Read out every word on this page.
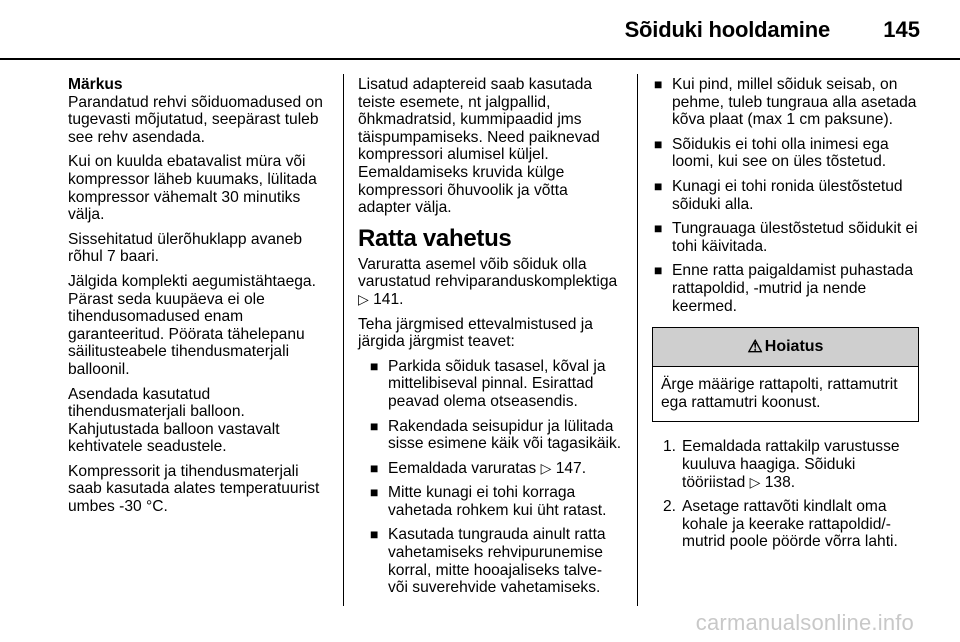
Sõiduki hooldamine 145

Märkus

Parandatud rehvi sõiduomadused on tugevasti mõjutatud, seepärast tuleb see rehv asendada.

Kui on kuulda ebatavalist müra või kompressor läheb kuumaks, lülitada kompressor vähemalt 30 minutiks välja.

Sissehitatud ülerõhuklapp avaneb rõhul 7 baari.

Jälgida komplekti aegumistähtaega. Pärast seda kuupäeva ei ole tihendusomadused enam garanteeritud. Pöörata tähelepanu säilitusteabele tihendusmaterjali balloonil.

Asendada kasutatud tihendusmaterjali balloon. Kahjutustada balloon vastavalt kehtivatele seadustele.

Kompressorit ja tihendusmaterjali saab kasutada alates temperatuurist umbes -30 °C.

Lisatud adaptereid saab kasutada teiste esemete, nt jalgpallid, õhkmadratsid, kummipaadid jms täispumpamiseks. Need paiknevad kompressori alumisel küljel. Eemaldamiseks kruvida külge kompressori õhuvoolik ja võtta adapter välja.

Ratta vahetus

Varuratta asemel võib sõiduk olla varustatud rehviparanduskomplektiga ▷ 141.

Teha järgmised ettevalmistused ja järgida järgmist teavet:

■ Parkida sõiduk tasasel, kõval ja mittelibiseval pinnal. Esirattad peavad olema otseasendis.
■ Rakendada seisupidur ja lülitada sisse esimene käik või tagasikäik.
■ Eemaldada varuratas ▷ 147.
■ Mitte kunagi ei tohi korraga vahetada rohkem kui üht ratast.
■ Kasutada tungrauda ainult ratta vahetamiseks rehvipurunemise korral, mitte hooajaliseks talve- või suverehvide vahetamiseks.
■ Kui pind, millel sõiduk seisab, on pehme, tuleb tungraua alla asetada kõva plaat (max 1 cm paksune).
■ Sõidukis ei tohi olla inimesi ega loomi, kui see on üles tõstetud.
■ Kunagi ei tohi ronida ülestõstetud sõiduki alla.
■ Tungrauaga ülestõstetud sõidukit ei tohi käivitada.
■ Enne ratta paigaldamist puhastada rattapoldid, -mutrid ja nende keermed.
⚠ Hoiatus
Ärge määrige rattapolti, rattamutrit ega rattamutri koonust.
1. Eemaldada rattakilp varustusse kuuluva haagiga. Sõiduki tööriistad ▷ 138.
2. Asetage rattavõti kindlalt oma kohale ja keerake rattapoldid/-mutrid poole pöörde võrra lahti.
carmanualsonline.info
